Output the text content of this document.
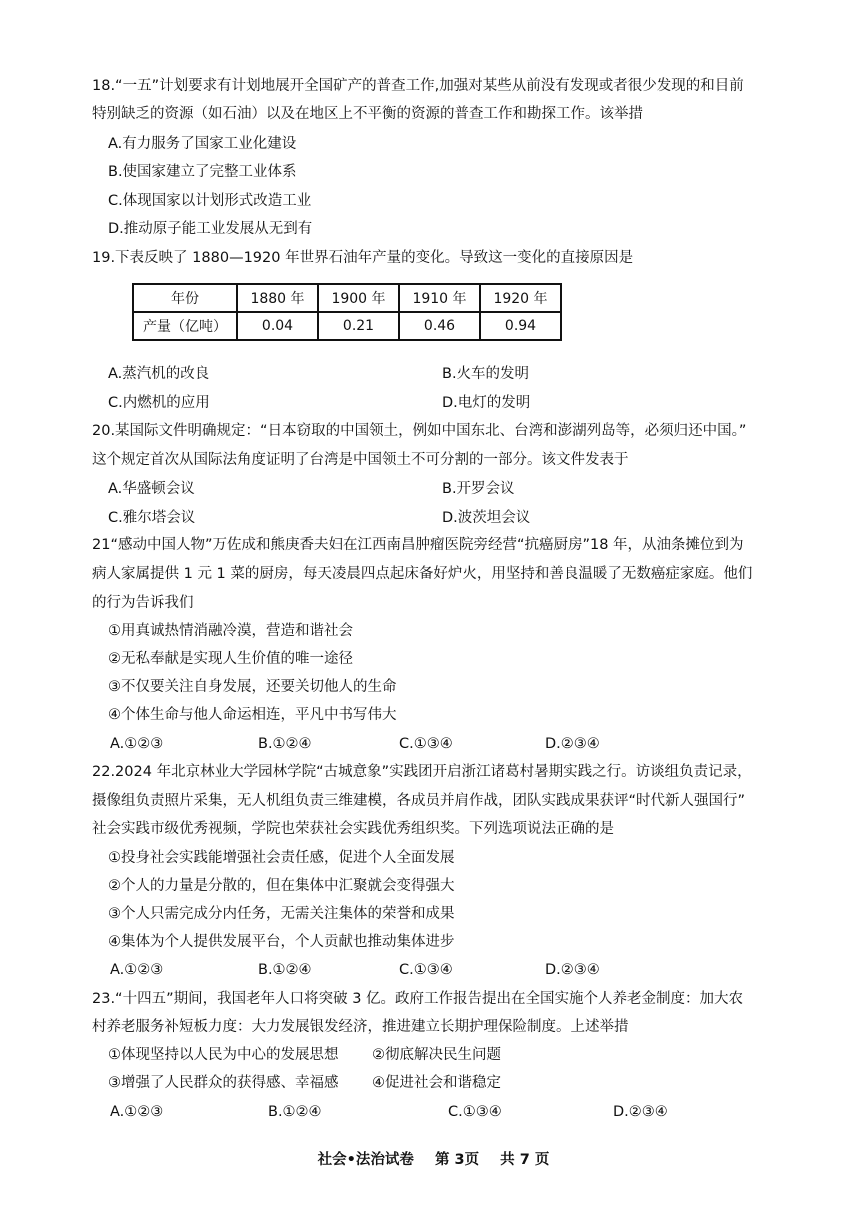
18.“一五”计划要求有计划地展开全国矿产的普查工作,加强对某些从前没有发现或者很少发现的和目前
特别缺乏的资源（如石油）以及在地区上不平衡的资源的普查工作和勘探工作。该举措
A.有力服务了国家工业化建设
B.使国家建立了完整工业体系
C.体现国家以计划形式改造工业
D.推动原子能工业发展从无到有
19.下表反映了 1880—1920 年世界石油年产量的变化。导致这一变化的直接原因是
年份	1880 年	1900 年	1910 年	1920 年
产量（亿吨）	0.04	0.21	0.46	0.94
A.蒸汽机的改良	B.火车的发明
C.内燃机的应用	D.电灯的发明
20.某国际文件明确规定：“日本窃取的中国领土，例如中国东北、台湾和澎湖列岛等，必须归还中国。”
这个规定首次从国际法角度证明了台湾是中国领土不可分割的一部分。该文件发表于
A.华盛顿会议	B.开罗会议
C.雅尔塔会议	D.波茨坦会议
21“感动中国人物”万佐成和熊庚香夫妇在江西南昌肿瘤医院旁经营“抗癌厨房”18 年，从油条摊位到为
病人家属提供 1 元 1 菜的厨房，每天凌晨四点起床备好炉火，用坚持和善良温暖了无数癌症家庭。他们
的行为告诉我们
①用真诚热情消融冷漠，营造和谐社会
②无私奉献是实现人生价值的唯一途径
③不仅要关注自身发展，还要关切他人的生命
④个体生命与他人命运相连，平凡中书写伟大
A.①②③	B.①②④	C.①③④	D.②③④
22.2024 年北京林业大学园林学院“古城意象”实践团开启浙江诸葛村暑期实践之行。访谈组负责记录，
摄像组负责照片采集，无人机组负责三维建模，各成员并肩作战，团队实践成果获评“时代新人强国行”
社会实践市级优秀视频，学院也荣获社会实践优秀组织奖。下列选项说法正确的是
①投身社会实践能增强社会责任感，促进个人全面发展
②个人的力量是分散的，但在集体中汇聚就会变得强大
③个人只需完成分内任务，无需关注集体的荣誉和成果
④集体为个人提供发展平台，个人贡献也推动集体进步
A.①②③	B.①②④	C.①③④	D.②③④
23.“十四五”期间，我国老年人口将突破 3 亿。政府工作报告提出在全国实施个人养老金制度：加大农
村养老服务补短板力度：大力发展银发经济，推进建立长期护理保险制度。上述举措
①体现坚持以人民为中心的发展思想 ②彻底解决民生问题
③增强了人民群众的获得感、幸福感 ④促进社会和谐稳定
A.①②③	B.①②④	C.①③④	D.②③④
社会•法治试卷 第 3页 共 7 页
